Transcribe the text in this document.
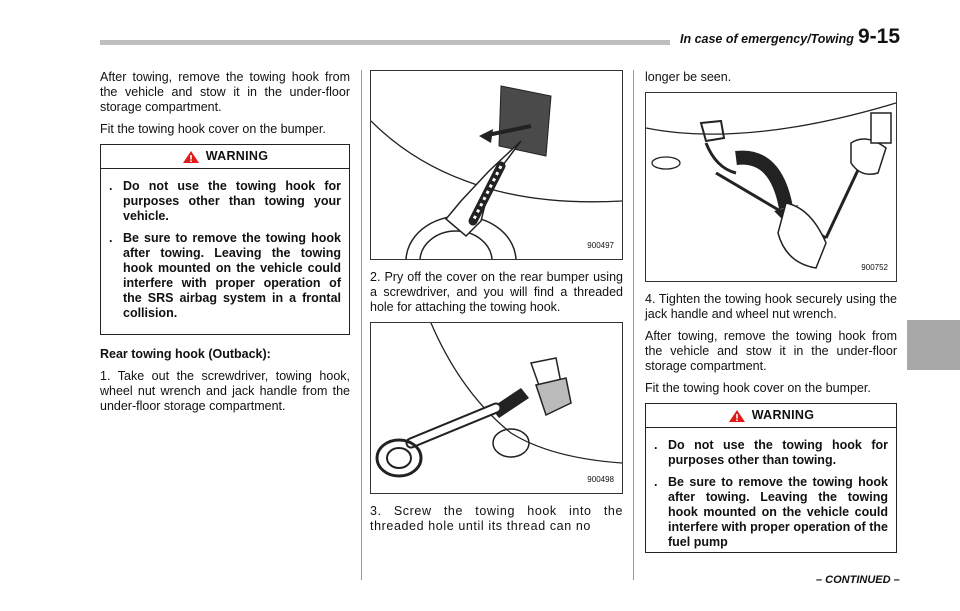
In case of emergency/Towing 9-15

After towing, remove the towing hook from the vehicle and stow it in the under-floor storage compartment.

Fit the towing hook cover on the bumper.

WARNING
. Do not use the towing hook for purposes other than towing your vehicle.
. Be sure to remove the towing hook after towing. Leaving the towing hook mounted on the vehicle could interfere with proper operation of the SRS airbag system in a frontal collision.

Rear towing hook (Outback):

1. Take out the screwdriver, towing hook, wheel nut wrench and jack handle from the under-floor storage compartment.

900497

2. Pry off the cover on the rear bumper using a screwdriver, and you will find a threaded hole for attaching the towing hook.

900498

3. Screw the towing hook into the threaded hole until its thread can no

longer be seen.

900752

4. Tighten the towing hook securely using the jack handle and wheel nut wrench.

After towing, remove the towing hook from the vehicle and stow it in the under-floor storage compartment.

Fit the towing hook cover on the bumper.

WARNING
. Do not use the towing hook for purposes other than towing.
. Be sure to remove the towing hook after towing. Leaving the towing hook mounted on the vehicle could interfere with proper operation of the fuel pump
– CONTINUED –
